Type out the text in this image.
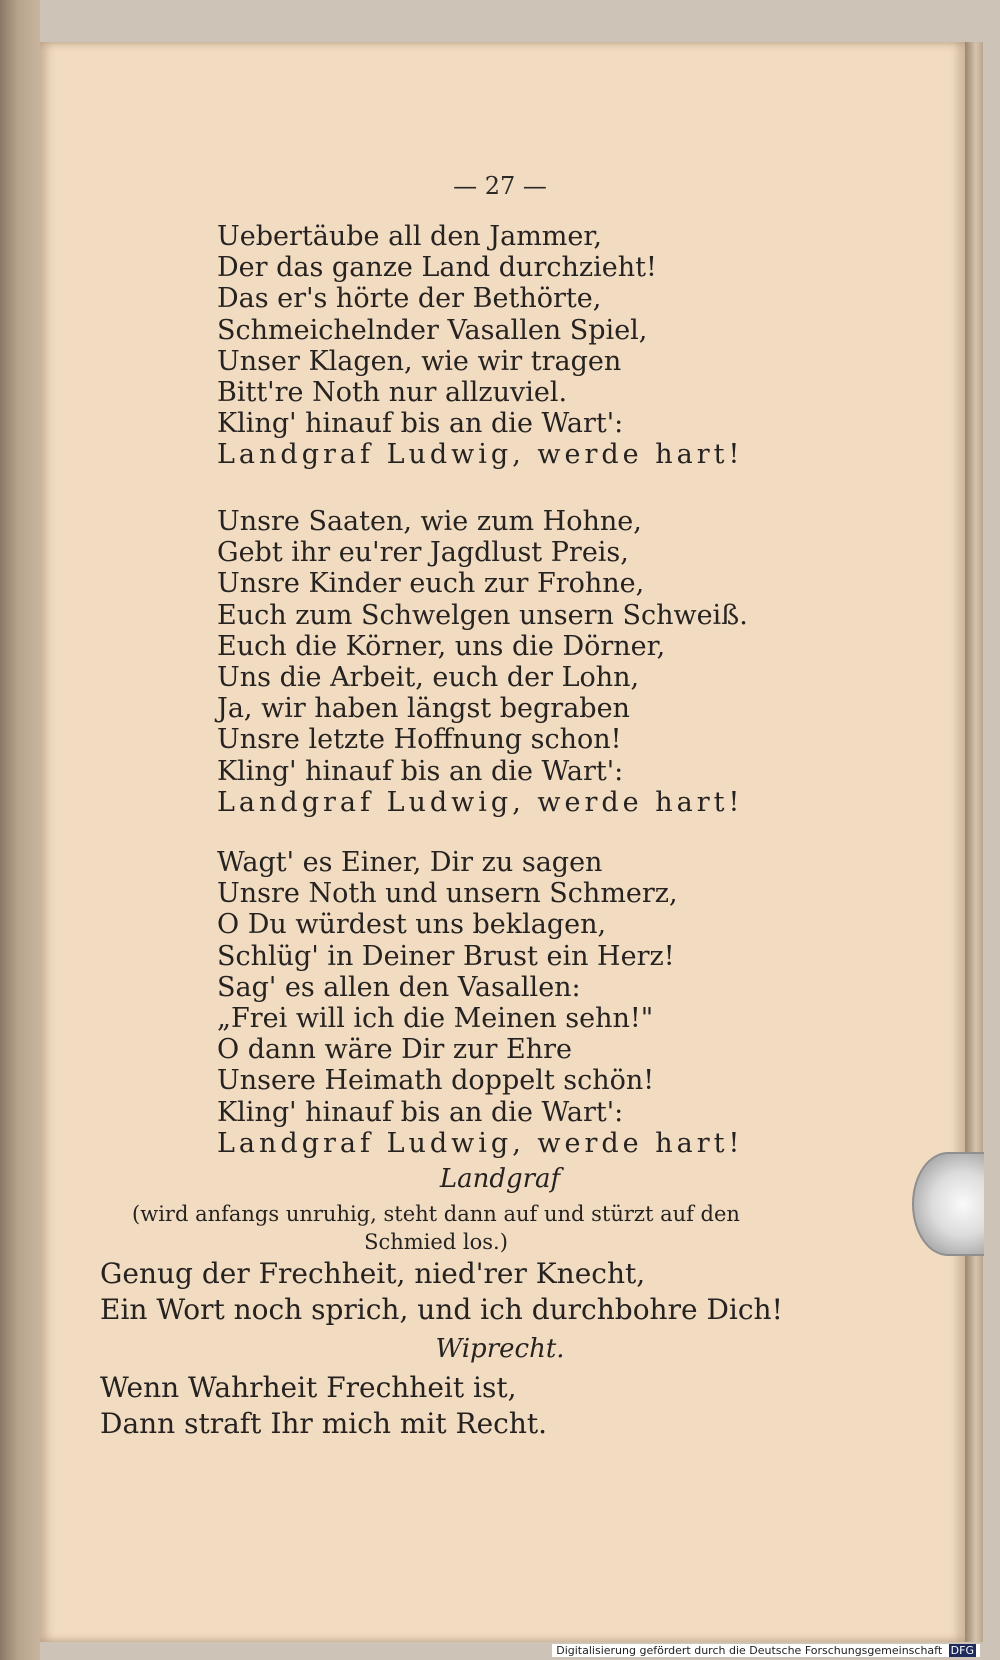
— 27 —
Uebertäube all den Jammer,
Der das ganze Land durchzieht!
Das er's hörte der Bethörte,
Schmeichelnder Vasallen Spiel,
Unser Klagen, wie wir tragen
Bitt're Noth nur allzuviel.
Kling' hinauf bis an die Wart':
Landgraf Ludwig, werde hart!
Unsre Saaten, wie zum Hohne,
Gebt ihr eu'rer Jagdlust Preis,
Unsre Kinder euch zur Frohne,
Euch zum Schwelgen unsern Schweiß.
Euch die Körner, uns die Dörner,
Uns die Arbeit, euch der Lohn,
Ja, wir haben längst begraben
Unsre letzte Hoffnung schon!
Kling' hinauf bis an die Wart':
Landgraf Ludwig, werde hart!
Wagt' es Einer, Dir zu sagen
Unsre Noth und unsern Schmerz,
O Du würdest uns beklagen,
Schlüg' in Deiner Brust ein Herz!
Sag' es allen den Vasallen:
„Frei will ich die Meinen sehn!"
O dann wäre Dir zur Ehre
Unsere Heimath doppelt schön!
Kling' hinauf bis an die Wart':
Landgraf Ludwig, werde hart!
Landgraf
(wird anfangs unruhig, steht dann auf und stürzt auf den Schmied los.)
Genug der Frechheit, nied'rer Knecht,
Ein Wort noch sprich, und ich durchbohre Dich!
Wiprecht.
Wenn Wahrheit Frechheit ist,
Dann straft Ihr mich mit Recht.
Digitalisierung gefördert durch die Deutsche Forschungsgemeinschaft DFG
